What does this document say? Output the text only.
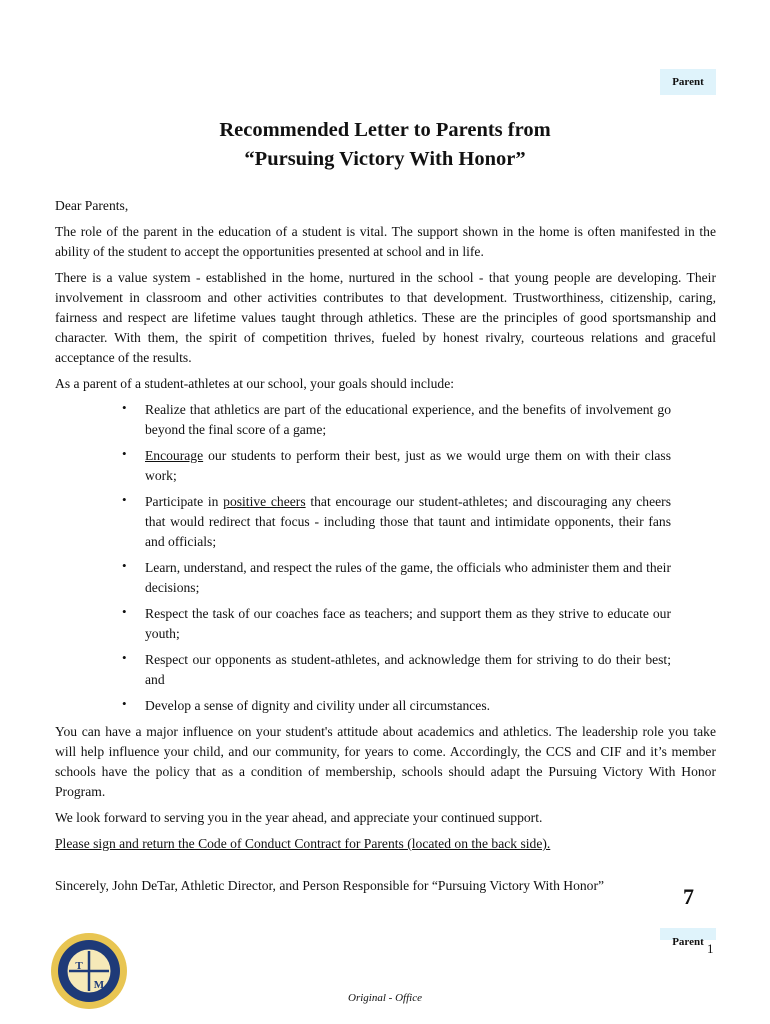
Parent
Recommended Letter to Parents from
“Pursuing Victory With Honor”

Dear Parents,

The role of the parent in the education of a student is vital. The support shown in the home is often manifested in the ability of the student to accept the opportunities presented at school and in life.

There is a value system - established in the home, nurtured in the school - that young people are developing. Their involvement in classroom and other activities contributes to that development. Trustworthiness, citizenship, caring, fairness and respect are lifetime values taught through athletics. These are the principles of good sportsmanship and character. With them, the spirit of competition thrives, fueled by honest rivalry, courteous relations and graceful acceptance of the results.

As a parent of a student-athletes at our school, your goals should include:

• Realize that athletics are part of the educational experience, and the benefits of involvement go beyond the final score of a game;
• Encourage our students to perform their best, just as we would urge them on with their class work;
• Participate in positive cheers that encourage our student-athletes; and discouraging any cheers that would redirect that focus - including those that taunt and intimidate opponents, their fans and officials;
• Learn, understand, and respect the rules of the game, the officials who administer them and their decisions;
• Respect the task of our coaches face as teachers; and support them as they strive to educate our youth;
• Respect our opponents as student-athletes, and acknowledge them for striving to do their best; and
• Develop a sense of dignity and civility under all circumstances.

You can have a major influence on your student's attitude about academics and athletics. The leadership role you take will help influence your child, and our community, for years to come. Accordingly, the CCS and CIF and it’s member schools have the policy that as a condition of membership, schools should adapt the Pursuing Victory With Honor Program.

We look forward to serving you in the year ahead, and appreciate your continued support.

Please sign and return the Code of Conduct Contract for Parents (located on the back side).

Sincerely, John DeTar, Athletic Director, and Person Responsible for “Pursuing Victory With Honor”	7
Parent 1
T
M
Original - Office
